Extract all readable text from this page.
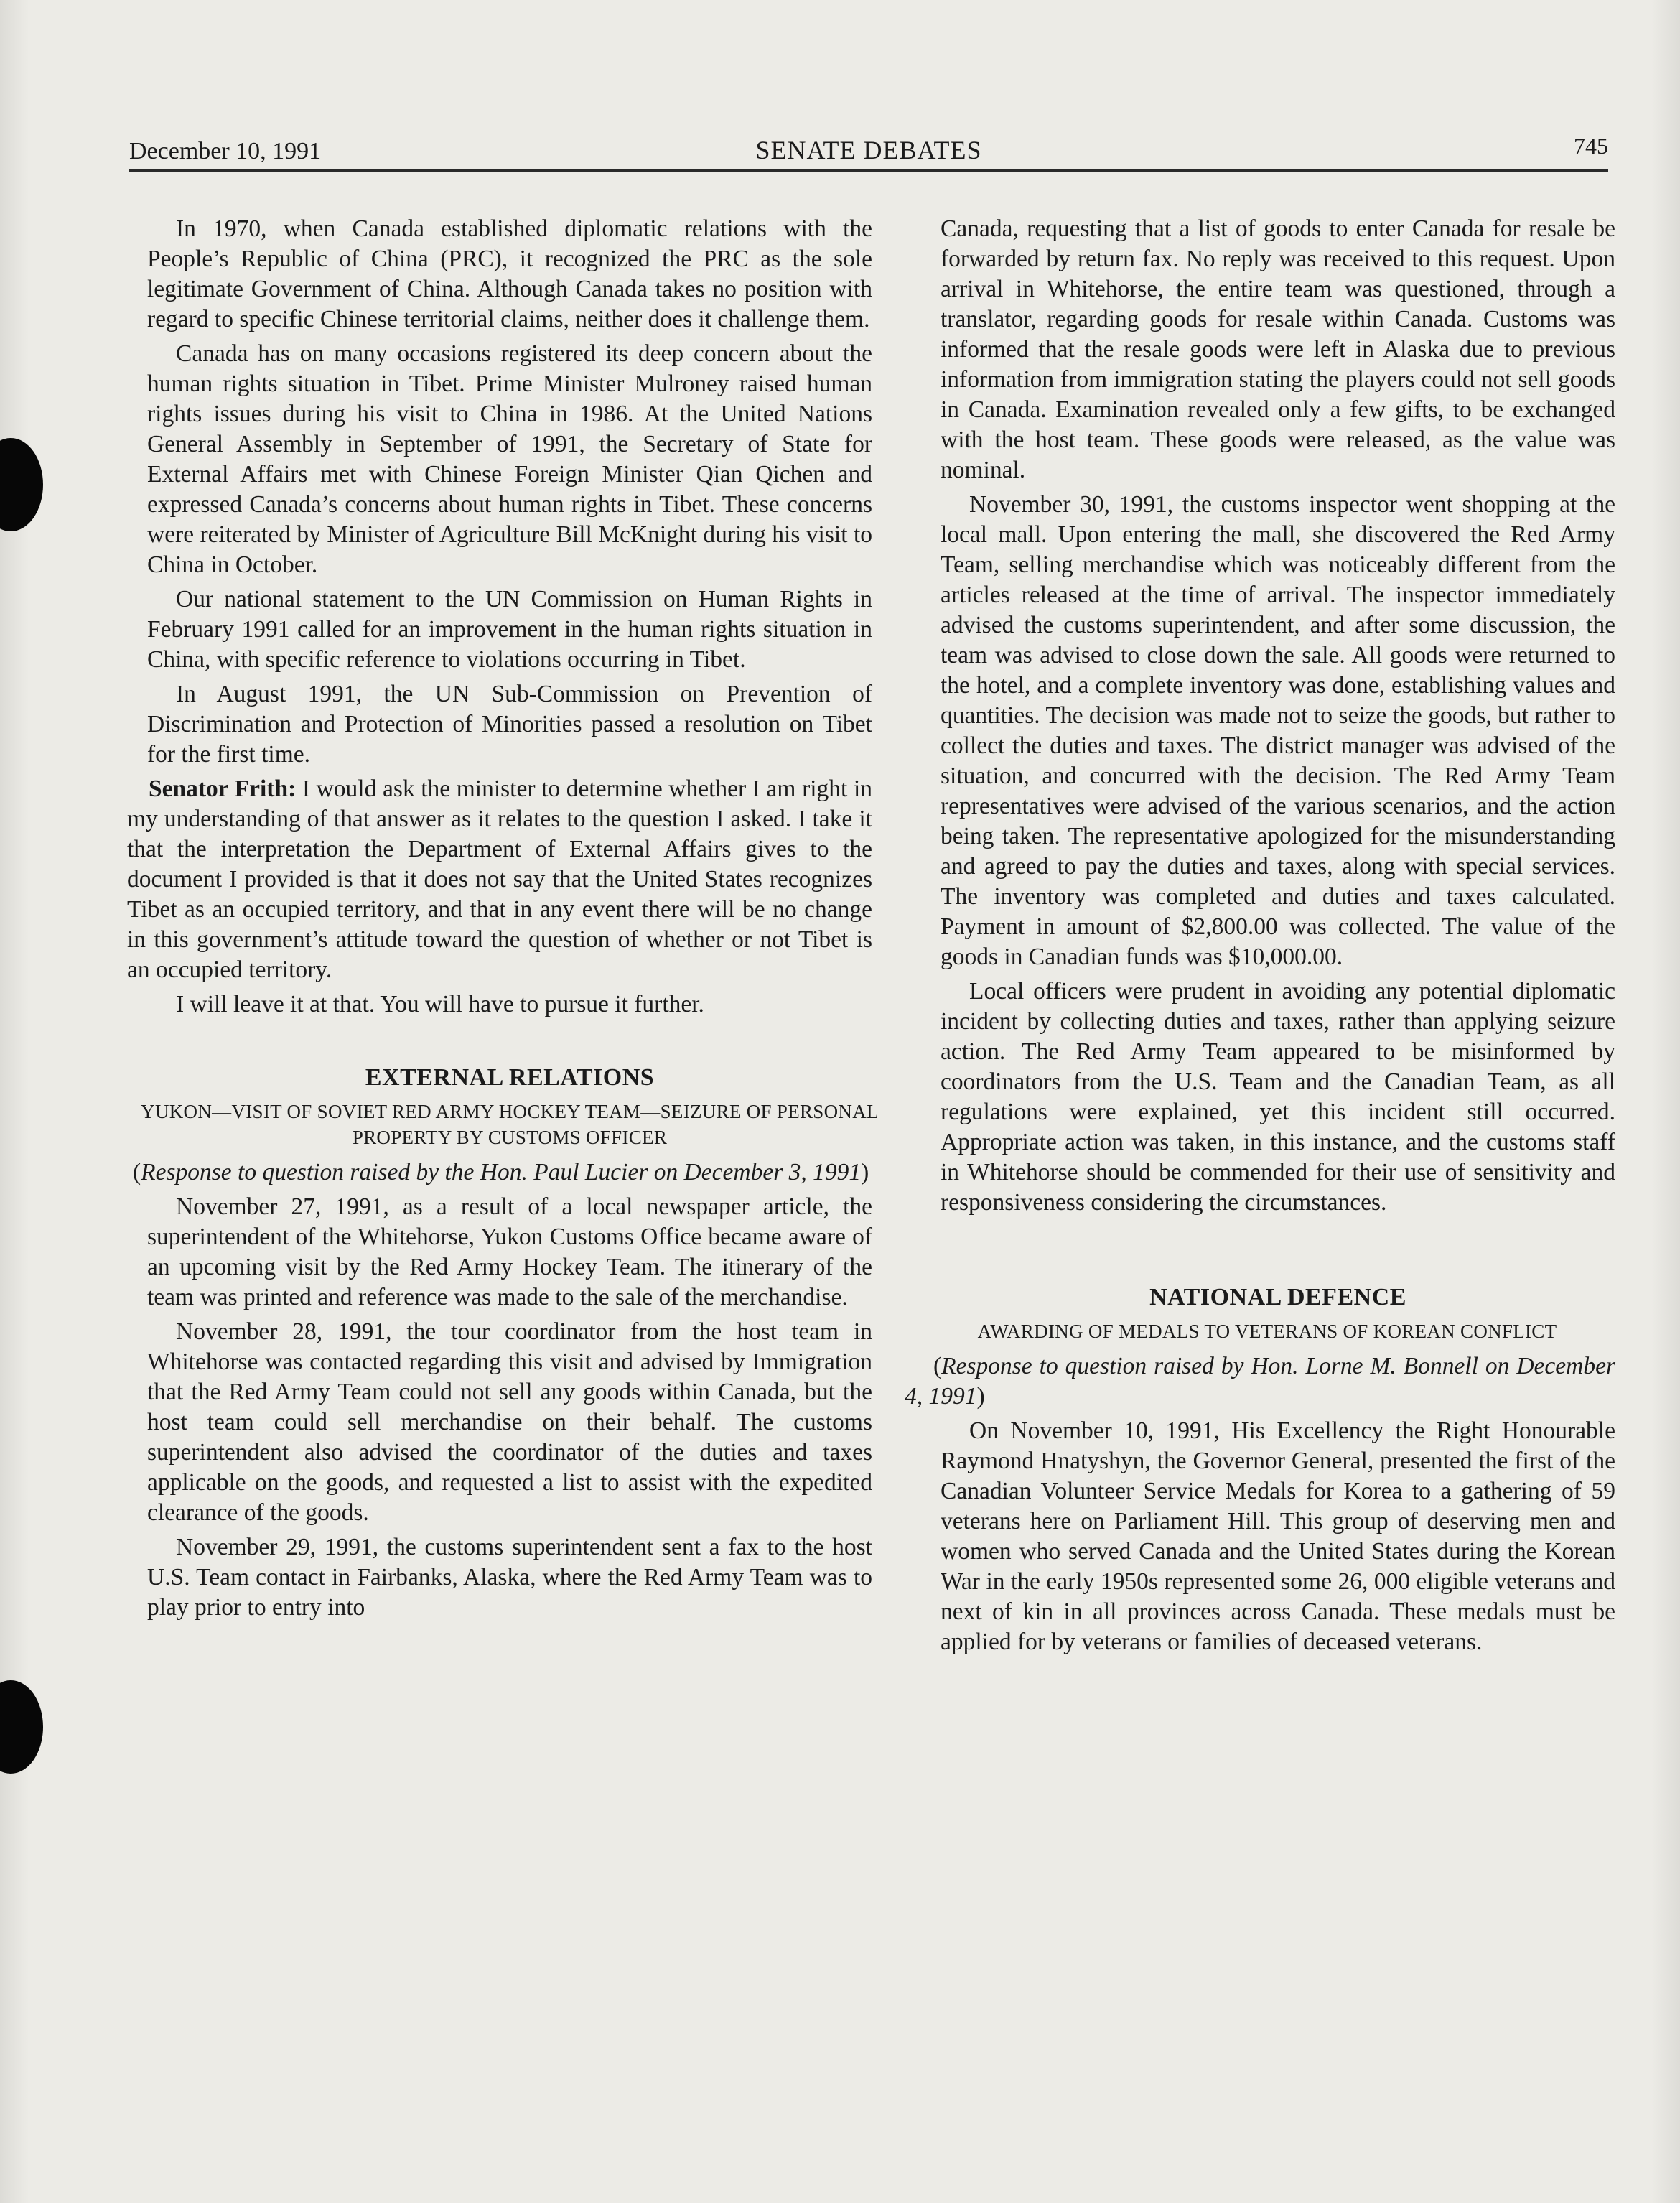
December 10, 1991	SENATE DEBATES	745

In 1970, when Canada established diplomatic relations with the People’s Republic of China (PRC), it recognized the PRC as the sole legitimate Government of China. Although Canada takes no position with regard to specific Chinese territorial claims, neither does it challenge them.

Canada has on many occasions registered its deep concern about the human rights situation in Tibet. Prime Minister Mulroney raised human rights issues during his visit to China in 1986. At the United Nations General Assembly in September of 1991, the Secretary of State for External Affairs met with Chinese Foreign Minister Qian Qichen and expressed Canada’s concerns about human rights in Tibet. These concerns were reiterated by Minister of Agriculture Bill McKnight during his visit to China in October.

Our national statement to the UN Commission on Human Rights in February 1991 called for an improvement in the human rights situation in China, with specific reference to violations occurring in Tibet.

In August 1991, the UN Sub-Commission on Prevention of Discrimination and Protection of Minorities passed a resolution on Tibet for the first time.

Senator Frith: I would ask the minister to determine whether I am right in my understanding of that answer as it relates to the question I asked. I take it that the interpretation the Department of External Affairs gives to the document I provided is that it does not say that the United States recognizes Tibet as an occupied territory, and that in any event there will be no change in this government’s attitude toward the question of whether or not Tibet is an occupied territory.

I will leave it at that. You will have to pursue it further.

EXTERNAL RELATIONS
YUKON—VISIT OF SOVIET RED ARMY HOCKEY TEAM—SEIZURE OF PERSONAL PROPERTY BY CUSTOMS OFFICER

(Response to question raised by the Hon. Paul Lucier on December 3, 1991)

November 27, 1991, as a result of a local newspaper article, the superintendent of the Whitehorse, Yukon Customs Office became aware of an upcoming visit by the Red Army Hockey Team. The itinerary of the team was printed and reference was made to the sale of the merchandise.

November 28, 1991, the tour coordinator from the host team in Whitehorse was contacted regarding this visit and advised by Immigration that the Red Army Team could not sell any goods within Canada, but the host team could sell merchandise on their behalf. The customs superintendent also advised the coordinator of the duties and taxes applicable on the goods, and requested a list to assist with the expedited clearance of the goods.

November 29, 1991, the customs superintendent sent a fax to the host U.S. Team contact in Fairbanks, Alaska, where the Red Army Team was to play prior to entry into

Canada, requesting that a list of goods to enter Canada for resale be forwarded by return fax. No reply was received to this request. Upon arrival in Whitehorse, the entire team was questioned, through a translator, regarding goods for resale within Canada. Customs was informed that the resale goods were left in Alaska due to previous information from immigration stating the players could not sell goods in Canada. Examination revealed only a few gifts, to be exchanged with the host team. These goods were released, as the value was nominal.

November 30, 1991, the customs inspector went shopping at the local mall. Upon entering the mall, she discovered the Red Army Team, selling merchandise which was noticeably different from the articles released at the time of arrival. The inspector immediately advised the customs superintendent, and after some discussion, the team was advised to close down the sale. All goods were returned to the hotel, and a complete inventory was done, establishing values and quantities. The decision was made not to seize the goods, but rather to collect the duties and taxes. The district manager was advised of the situation, and concurred with the decision. The Red Army Team representatives were advised of the various scenarios, and the action being taken. The representative apologized for the misunderstanding and agreed to pay the duties and taxes, along with special services. The inventory was completed and duties and taxes calculated. Payment in amount of $2,800.00 was collected. The value of the goods in Canadian funds was $10,000.00.

Local officers were prudent in avoiding any potential diplomatic incident by collecting duties and taxes, rather than applying seizure action. The Red Army Team appeared to be misinformed by coordinators from the U.S. Team and the Canadian Team, as all regulations were explained, yet this incident still occurred. Appropriate action was taken, in this instance, and the customs staff in Whitehorse should be commended for their use of sensitivity and responsiveness considering the circumstances.

NATIONAL DEFENCE
AWARDING OF MEDALS TO VETERANS OF KOREAN CONFLICT

(Response to question raised by Hon. Lorne M. Bonnell on December 4, 1991)

On November 10, 1991, His Excellency the Right Honourable Raymond Hnatyshyn, the Governor General, presented the first of the Canadian Volunteer Service Medals for Korea to a gathering of 59 veterans here on Parliament Hill. This group of deserving men and women who served Canada and the United States during the Korean War in the early 1950s represented some 26, 000 eligible veterans and next of kin in all provinces across Canada. These medals must be applied for by veterans or families of deceased veterans.
